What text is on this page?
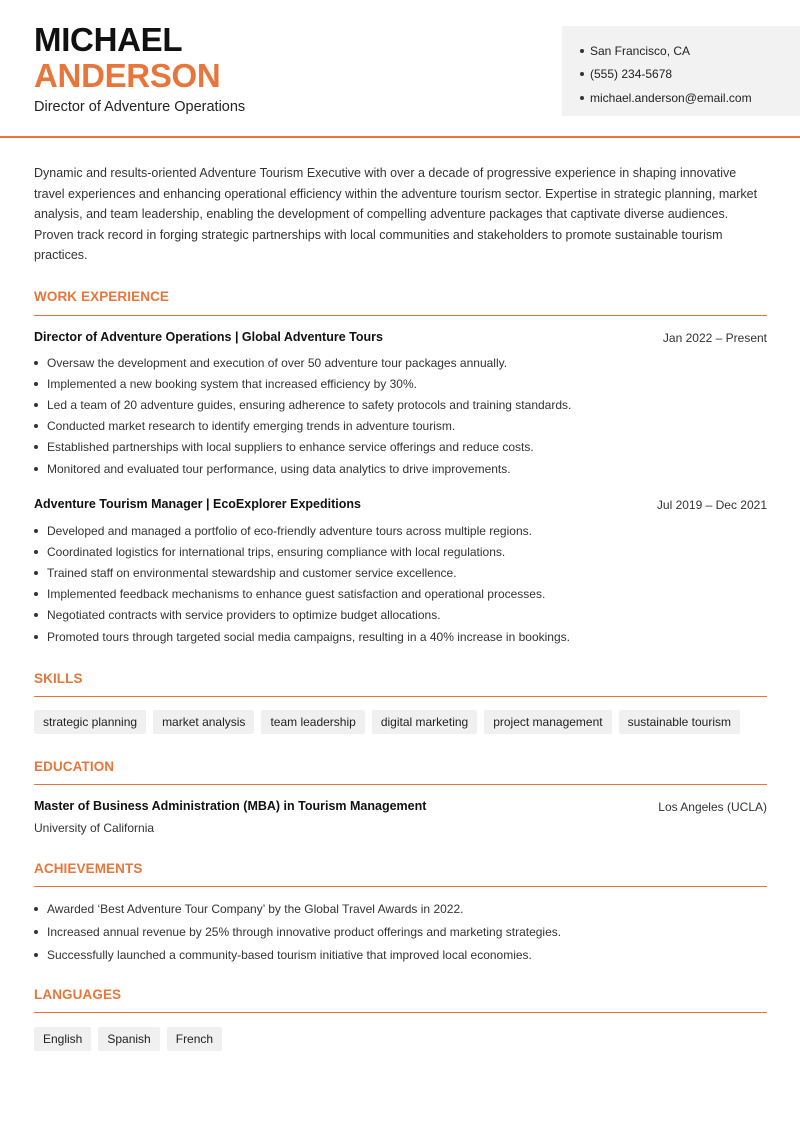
MICHAEL
ANDERSON
Director of Adventure Operations
San Francisco, CA
(555) 234-5678
michael.anderson@email.com

Dynamic and results-oriented Adventure Tourism Executive with over a decade of progressive experience in shaping innovative travel experiences and enhancing operational efficiency within the adventure tourism sector. Expertise in strategic planning, market analysis, and team leadership, enabling the development of compelling adventure packages that captivate diverse audiences. Proven track record in forging strategic partnerships with local communities and stakeholders to promote sustainable tourism practices.

WORK EXPERIENCE
Director of Adventure Operations | Global Adventure Tours	Jan 2022 – Present
Oversaw the development and execution of over 50 adventure tour packages annually.
Implemented a new booking system that increased efficiency by 30%.
Led a team of 20 adventure guides, ensuring adherence to safety protocols and training standards.
Conducted market research to identify emerging trends in adventure tourism.
Established partnerships with local suppliers to enhance service offerings and reduce costs.
Monitored and evaluated tour performance, using data analytics to drive improvements.
Adventure Tourism Manager | EcoExplorer Expeditions	Jul 2019 – Dec 2021
Developed and managed a portfolio of eco-friendly adventure tours across multiple regions.
Coordinated logistics for international trips, ensuring compliance with local regulations.
Trained staff on environmental stewardship and customer service excellence.
Implemented feedback mechanisms to enhance guest satisfaction and operational processes.
Negotiated contracts with service providers to optimize budget allocations.
Promoted tours through targeted social media campaigns, resulting in a 40% increase in bookings.
SKILLS
strategic planning	market analysis	team leadership	digital marketing	project management	sustainable tourism
EDUCATION
Master of Business Administration (MBA) in Tourism Management	Los Angeles (UCLA)
University of California
ACHIEVEMENTS
Awarded ‘Best Adventure Tour Company’ by the Global Travel Awards in 2022.
Increased annual revenue by 25% through innovative product offerings and marketing strategies.
Successfully launched a community-based tourism initiative that improved local economies.
LANGUAGES
English	Spanish	French
